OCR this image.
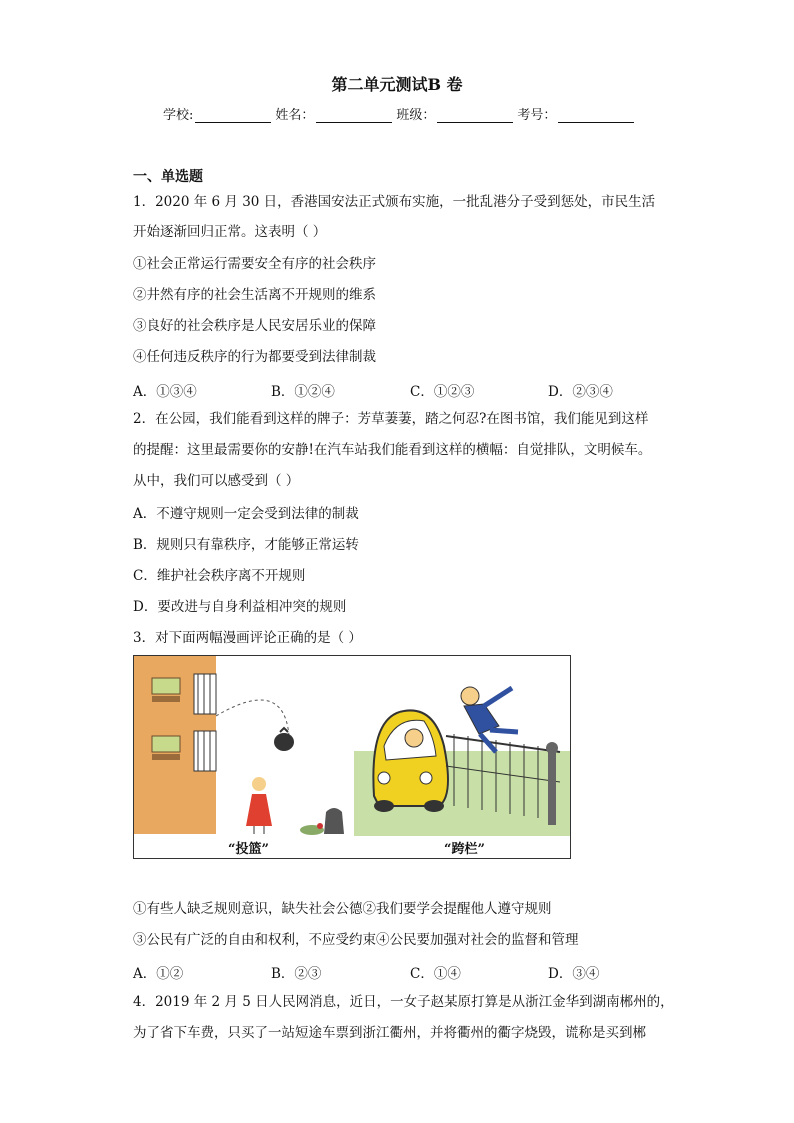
第二单元测试B 卷
学校:	姓名：	班级：	考号：
一、单选题
1．2020 年 6 月 30 日，香港国安法正式颁布实施，一批乱港分子受到惩处，市民生活
开始逐渐回归正常。这表明（ ）
①社会正常运行需要安全有序的社会秩序
②井然有序的社会生活离不开规则的维系
③良好的社会秩序是人民安居乐业的保障
④任何违反秩序的行为都要受到法律制裁
A．①③④	B．①②④	C．①②③	D．②③④
2．在公园，我们能看到这样的牌子：芳草萋萋，踏之何忍?在图书馆，我们能见到这样
的提醒：这里最需要你的安静!在汽车站我们能看到这样的横幅：自觉排队，文明候车。
从中，我们可以感受到（ ）
A．不遵守规则一定会受到法律的制裁
B．规则只有靠秩序，才能够正常运转
C．维护社会秩序离不开规则
D．要改进与自身利益相冲突的规则
3．对下面两幅漫画评论正确的是（ ）
“投篮”	“跨栏”
①有些人缺乏规则意识，缺失社会公德②我们要学会提醒他人遵守规则
③公民有广泛的自由和权利，不应受约束④公民要加强对社会的监督和管理
A．①②	B．②③	C．①④	D．③④
4．2019 年 2 月 5 日人民网消息，近日，一女子赵某原打算是从浙江金华到湖南郴州的，
为了省下车费，只买了一站短途车票到浙江衢州，并将衢州的衢字烧毁，谎称是买到郴
